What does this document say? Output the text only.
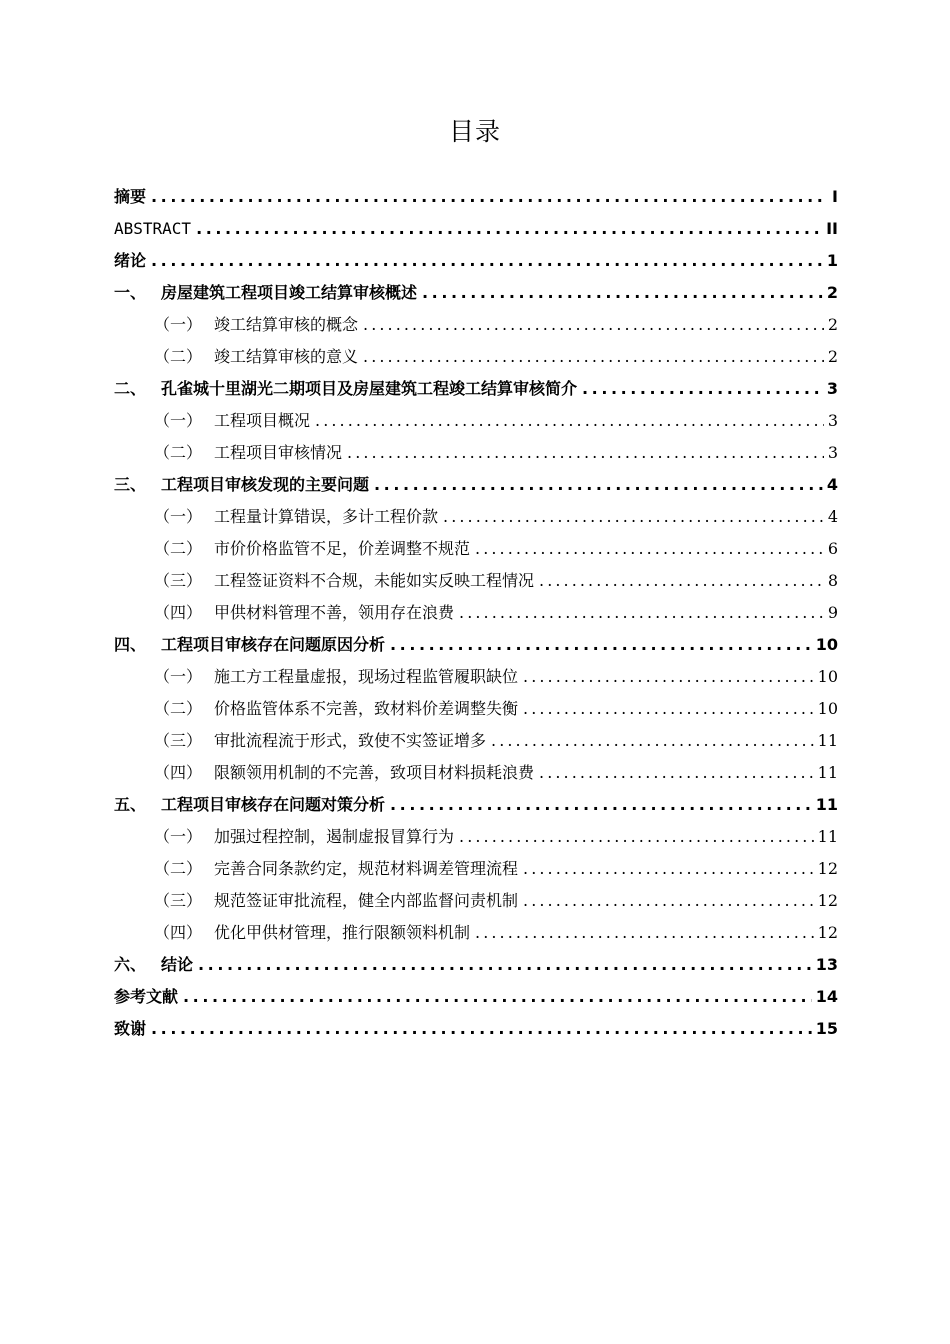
目录
摘要 . . .	I
ABSTRACT . . .	II
绪论 . . .	1
一、 房屋建筑工程项目竣工结算审核概述 . . .	2
（一） 竣工结算审核的概念 . . .	2
（二） 竣工结算审核的意义 . . .	2
二、 孔雀城十里湖光二期项目及房屋建筑工程竣工结算审核简介 . . .	3
（一） 工程项目概况 . . .	3
（二） 工程项目审核情况 . . .	3
三、 工程项目审核发现的主要问题 . . .	4
（一） 工程量计算错误，多计工程价款 . . .	4
（二） 市价价格监管不足，价差调整不规范 . . .	6
（三） 工程签证资料不合规，未能如实反映工程情况 . . .	8
（四） 甲供材料管理不善，领用存在浪费 . . .	9
四、 工程项目审核存在问题原因分析 . . .	10
（一） 施工方工程量虚报，现场过程监管履职缺位 . . .	10
（二） 价格监管体系不完善，致材料价差调整失衡 . . .	10
（三） 审批流程流于形式，致使不实签证增多 . . .	11
（四） 限额领用机制的不完善，致项目材料损耗浪费 . . .	11
五、 工程项目审核存在问题对策分析 . . .	11
（一） 加强过程控制，遏制虚报冒算行为 . . .	11
（二） 完善合同条款约定，规范材料调差管理流程 . . .	12
（三） 规范签证审批流程，健全内部监督问责机制 . . .	12
（四） 优化甲供材管理，推行限额领料机制 . . .	12
六、 结论 . . .	13
参考文献 . . .	14
致谢 . . .	15
